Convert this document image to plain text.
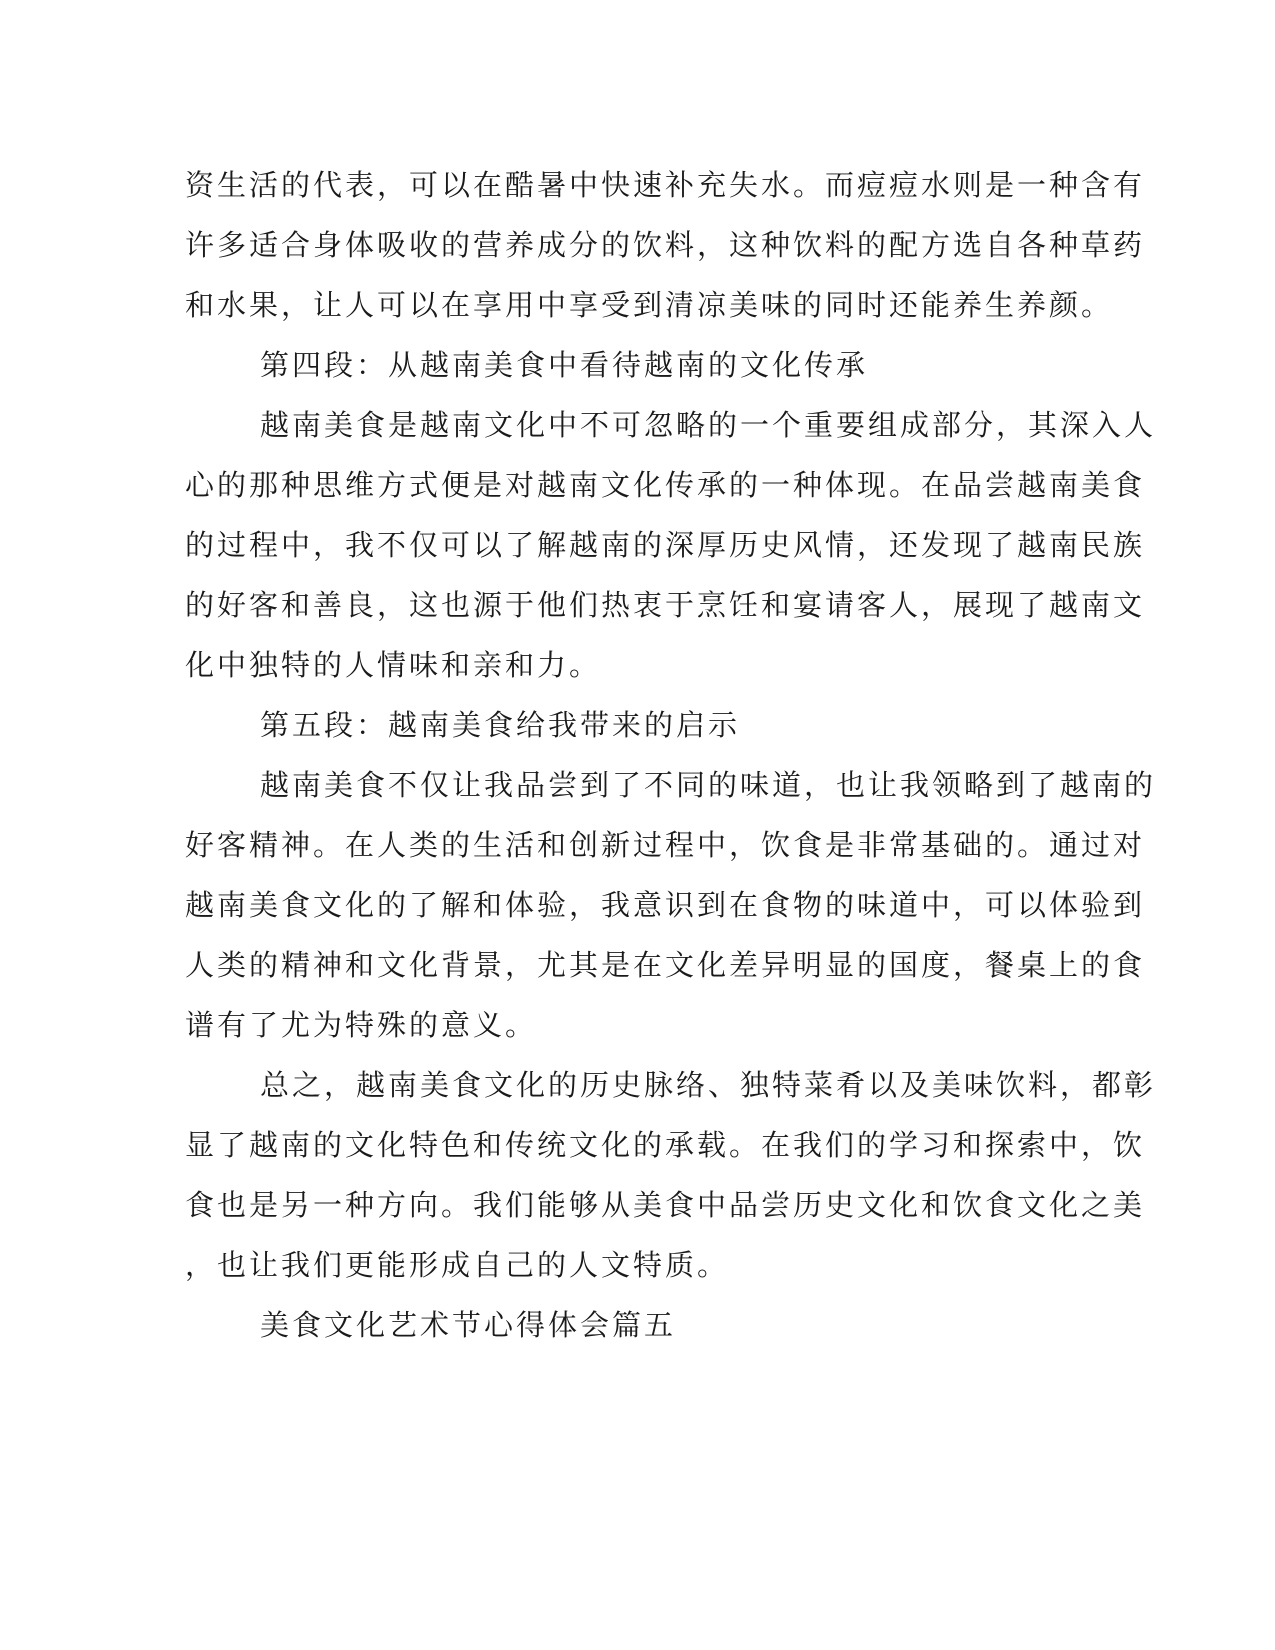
资生活的代表，可以在酷暑中快速补充失水。而痘痘水则是一种含有
许多适合身体吸收的营养成分的饮料，这种饮料的配方选自各种草药
和水果，让人可以在享用中享受到清凉美味的同时还能养生养颜。
第四段：从越南美食中看待越南的文化传承
越南美食是越南文化中不可忽略的一个重要组成部分，其深入人
心的那种思维方式便是对越南文化传承的一种体现。在品尝越南美食
的过程中，我不仅可以了解越南的深厚历史风情，还发现了越南民族
的好客和善良，这也源于他们热衷于烹饪和宴请客人，展现了越南文
化中独特的人情味和亲和力。
第五段：越南美食给我带来的启示
越南美食不仅让我品尝到了不同的味道，也让我领略到了越南的
好客精神。在人类的生活和创新过程中，饮食是非常基础的。通过对
越南美食文化的了解和体验，我意识到在食物的味道中，可以体验到
人类的精神和文化背景，尤其是在文化差异明显的国度，餐桌上的食
谱有了尤为特殊的意义。
总之，越南美食文化的历史脉络、独特菜肴以及美味饮料，都彰
显了越南的文化特色和传统文化的承载。在我们的学习和探索中，饮
食也是另一种方向。我们能够从美食中品尝历史文化和饮食文化之美
，也让我们更能形成自己的人文特质。
美食文化艺术节心得体会篇五
